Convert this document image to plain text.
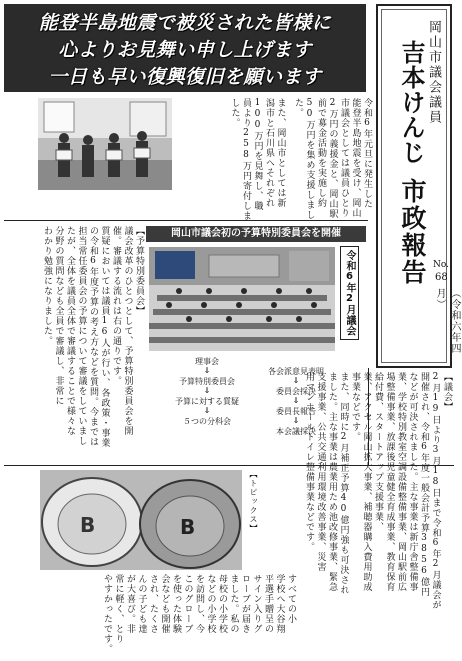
能登半島地震で被災された皆様に
心よりお見舞い申し上げます
一日も早い復興復旧を願います
令和6年元旦に発生した
能登半島地震を受け、岡山
市議会としては議員ひとり
2万円の義援金と、岡山駅
前で募金活動を実施し約
50万円を集め支援しまし
た。
また、岡山市としては新
潟市と石川県へそれぞれ
100万円を見舞し、職
員より258万円寄付しま
した。	岡山市議会議員
吉本けんじ
市政報告 No.
68
（令和六年四月）
【予算特別委員会】
議会改革のひとつとして、予算特別委員会を開
催。審議する流れは右の通りです。
質疑においては議員16人が行い、各政策・事業
の令和6年度予算の考え方などを質問。今までは
担当常任委員会の予算について審議をしていまし
たが、全体を議員全体で審議することで様々な
分野の質問なども全員で審議し、非常に
わかり勉強になりました。	岡山市議会初の予算特別委員会を開催
令和6年2月議会
理事会
⇓
予算特別委員会
⇓
予算に対する質疑
⇓
５つの分科会
各会派意見表明
⇓
委員会採決
⇓
委員長報告
⇓
本会議採決
【議会】
2月19日より3月18日まで令和6年2月議会が
開催され、令和6年度一般会計予算3856億円
などが可決されました。主な事業は新庁舎整備事
業、学校特別教室空調設備整備事業、岡山駅前広
場整備事業、放課後児童健全育成事業、教育保育
給付費、スタートアップ支援事業、
業、アクセル岡山拡大事業、補聴器購入費用助成
事業などです。
また、同時に2月補正予算40億円強も可決され
ました。主な事業は農業用ため池改修事業、緊急
支援事業、公共交通利用環境改善事業、災害
用マンホールトイレ整備事業などです。
【トピックス】
B	B
すべての小
学校へ大谷翔
平選手贈呈の
サイン入りグ
ローブが届き
ました。私の
母校の小学校
などの小学校
を訪問し、今
このグローブ
を使った体験
会なども開催
され、たくさ
んの子ども達
が大喜び。非
常に軽く、とり
やすかったです。
